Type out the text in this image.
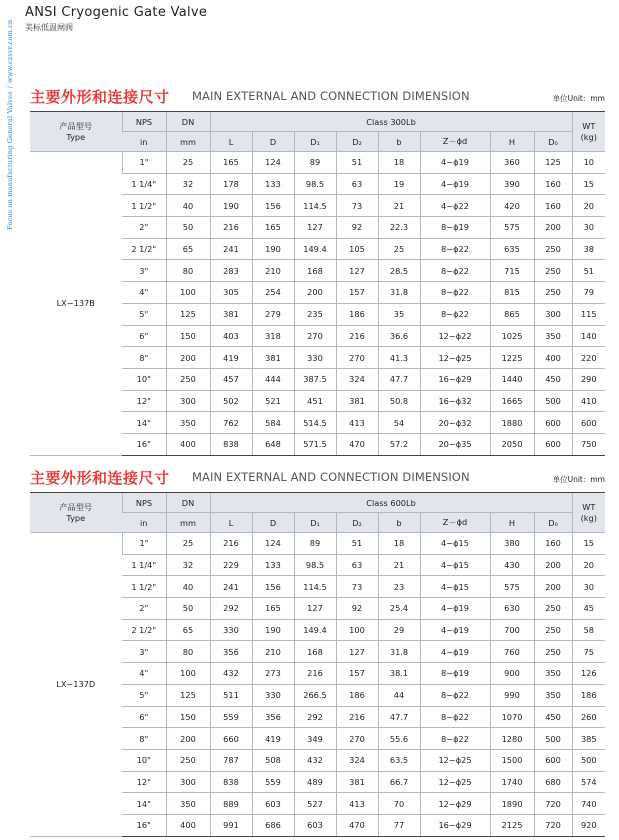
ANSI Cryogenic Gate Valve
美标低温闸阀
Focus on manufacturing General Valves/www.czsvr.com.cn
主要外形和连接尺寸 MAIN EXTERNAL AND CONNECTION DIMENSION	单位Unit：mm
产品型号
Type	NPS	DN	Class 300Lb								WT
(kg)

	in	mm	L	D	D₁	D₂	b	Z－ϕd	H	D₀	
LX−137B	1"	25	165	124	89	51	18	4−ϕ19	360	125	10
	1 1/4"	32	178	133	98.5	63	19	4−ϕ19	390	160	15
	1 1/2"	40	190	156	114.5	73	21	4−ϕ22	420	160	20
	2"	50	216	165	127	92	22.3	8−ϕ19	575	200	30
	2 1/2"	65	241	190	149.4	105	25	8−ϕ22	635	250	38
	3"	80	283	210	168	127	28.5	8−ϕ22	715	250	51
	4"	100	305	254	200	157	31.8	8−ϕ22	815	250	79
	5"	125	381	279	235	186	35	8−ϕ22	865	300	115
	6"	150	403	318	270	216	36.6	12−ϕ22	1025	350	140
	8"	200	419	381	330	270	41.3	12−ϕ25	1225	400	220
	10"	250	457	444	387.5	324	47.7	16−ϕ29	1440	450	290
	12"	300	502	521	451	381	50.8	16−ϕ32	1665	500	410
	14"	350	762	584	514.5	413	54	20−ϕ32	1880	600	600
	16"	400	838	648	571.5	470	57.2	20−ϕ35	2050	600	750
主要外形和连接尺寸 MAIN EXTERNAL AND CONNECTION DIMENSION	单位Unit：mm
产品型号
Type	NPS	DN	Class 600Lb								WT
(kg)

	in	mm	L	D	D₁	D₂	b	Z－ϕd	H	D₀	
LX−137D	1"	25	216	124	89	51	18	4−ϕ15	380	160	15
	1 1/4"	32	229	133	98.5	63	21	4−ϕ15	430	200	20
	1 1/2"	40	241	156	114.5	73	23	4−ϕ15	575	200	30
	2"	50	292	165	127	92	25.4	4−ϕ19	630	250	45
	2 1/2"	65	330	190	149.4	100	29	4−ϕ19	700	250	58
	3"	80	356	210	168	127	31.8	4−ϕ19	760	250	75
	4"	100	432	273	216	157	38.1	8−ϕ19	900	350	126
	5"	125	511	330	266.5	186	44	8−ϕ22	990	350	186
	6"	150	559	356	292	216	47.7	8−ϕ22	1070	450	260
	8"	200	660	419	349	270	55.6	8−ϕ22	1280	500	385
	10"	250	787	508	432	324	63.5	12−ϕ25	1500	600	500
	12"	300	838	559	489	381	66.7	12−ϕ25	1740	680	574
	14"	350	889	603	527	413	70	12−ϕ29	1890	720	740
	16"	400	991	686	603	470	77	16−ϕ29	2125	720	920
